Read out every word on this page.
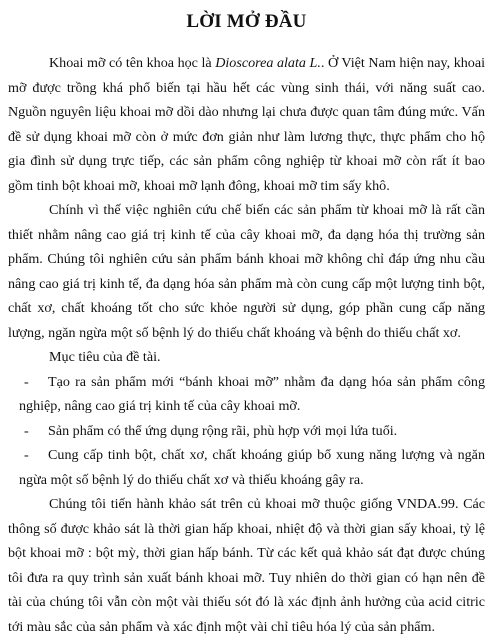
LỜI MỞ ĐẦU

Khoai mỡ có tên khoa học là Dioscorea alata L.. Ở Việt Nam hiện nay, khoai mỡ được trồng khá phổ biến tại hầu hết các vùng sinh thái, với năng suất cao. Nguồn nguyên liệu khoai mỡ dồi dào nhưng lại chưa được quan tâm đúng mức. Vấn đề sử dụng khoai mỡ còn ở mức đơn giản như làm lương thực, thực phẩm cho hộ gia đình sử dụng trực tiếp, các sản phẩm công nghiệp từ khoai mỡ còn rất ít bao gồm tinh bột khoai mỡ, khoai mỡ lạnh đông, khoai mỡ tim sấy khô.

Chính vì thế việc nghiên cứu chế biến các sản phẩm từ khoai mỡ là rất cần thiết nhằm nâng cao giá trị kinh tế của cây khoai mỡ, đa dạng hóa thị trường sản phẩm. Chúng tôi nghiên cứu sản phẩm bánh khoai mỡ không chỉ đáp ứng nhu cầu nâng cao giá trị kinh tế, đa dạng hóa sản phẩm mà còn cung cấp một lượng tinh bột, chất xơ, chất khoáng tốt cho sức khỏe người sử dụng, góp phần cung cấp năng lượng, ngăn ngừa một số bệnh lý do thiếu chất khoáng và bệnh do thiếu chất xơ.

Mục tiêu của đề tài.

-	Tạo ra sản phẩm mới “bánh khoai mỡ” nhằm đa dạng hóa sản phẩm công nghiệp, nâng cao giá trị kinh tế của cây khoai mỡ.
- Sản phẩm có thể ứng dụng rộng rãi, phù hợp với mọi lứa tuổi.
-	Cung cấp tinh bột, chất xơ, chất khoáng giúp bổ xung năng lượng và ngăn ngừa một số bệnh lý do thiếu chất xơ và thiếu khoáng gây ra.

Chúng tôi tiến hành khảo sát trên củ khoai mỡ thuộc giống VNDA.99. Các thông số được khảo sát là thời gian hấp khoai, nhiệt độ và thời gian sấy khoai, tỷ lệ bột khoai mỡ : bột mỳ, thời gian hấp bánh. Từ các kết quả khảo sát đạt được chúng tôi đưa ra quy trình sản xuất bánh khoai mỡ. Tuy nhiên do thời gian có hạn nên đề tài của chúng tôi vẫn còn một vài thiếu sót đó là xác định ảnh hưởng của acid citric tới màu sắc của sản phẩm và xác định một vài chỉ tiêu hóa lý của sản phẩm.
